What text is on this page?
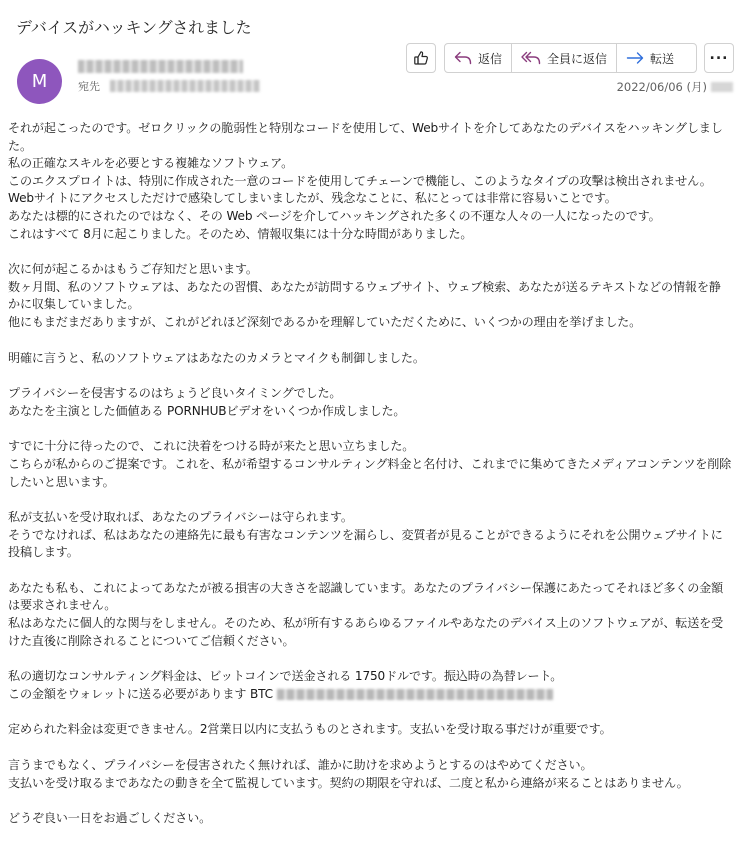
デバイスがハッキングされました
M	宛先
返信	全員に返信	転送	...
2022/06/06 (月)

それが起こったのです。ゼロクリックの脆弱性と特別なコードを使用して、Webサイトを介してあなたのデバイスをハッキングしました。

私の正確なスキルを必要とする複雑なソフトウェア。

このエクスプロイトは、特別に作成された一意のコードを使用してチェーンで機能し、このようなタイプの攻撃は検出されません。

Webサイトにアクセスしただけで感染してしまいましたが、残念なことに、私にとっては非常に容易いことです。

あなたは標的にされたのではなく、その Web ページを介してハッキングされた多くの不運な人々の一人になったのです。

これはすべて 8月に起こりました。そのため、情報収集には十分な時間がありました。

次に何が起こるかはもうご存知だと思います。

数ヶ月間、私のソフトウェアは、あなたの習慣、あなたが訪問するウェブサイト、ウェブ検索、あなたが送るテキストなどの情報を静かに収集していました。

他にもまだまだありますが、これがどれほど深刻であるかを理解していただくために、いくつかの理由を挙げました。

明確に言うと、私のソフトウェアはあなたのカメラとマイクも制御しました。

プライバシーを侵害するのはちょうど良いタイミングでした。

あなたを主演とした価値ある PORNHUBビデオをいくつか作成しました。

すでに十分に待ったので、これに決着をつける時が来たと思い立ちました。

こちらが私からのご提案です。これを、私が希望するコンサルティング料金と名付け、これまでに集めてきたメディアコンテンツを削除したいと思います。

私が支払いを受け取れば、あなたのプライバシーは守られます。

そうでなければ、私はあなたの連絡先に最も有害なコンテンツを漏らし、変質者が見ることができるようにそれを公開ウェブサイトに投稿します。

あなたも私も、これによってあなたが被る損害の大きさを認識しています。あなたのプライバシー保護にあたってそれほど多くの金額は要求されません。

私はあなたに個人的な関与をしません。そのため、私が所有するあらゆるファイルやあなたのデバイス上のソフトウェアが、転送を受けた直後に削除されることについてご信頼ください。

私の適切なコンサルティング料金は、ビットコインで送金される 1750ドルです。振込時の為替レート。

この金額をウォレットに送る必要があります BTC

定められた料金は変更できません。2営業日以内に支払うものとされます。支払いを受け取る事だけが重要です。

言うまでもなく、プライバシーを侵害されたく無ければ、誰かに助けを求めようとするのはやめてください。

支払いを受け取るまであなたの動きを全て監視しています。契約の期限を守れば、二度と私から連絡が来ることはありません。

どうぞ良い一日をお過ごしください。
